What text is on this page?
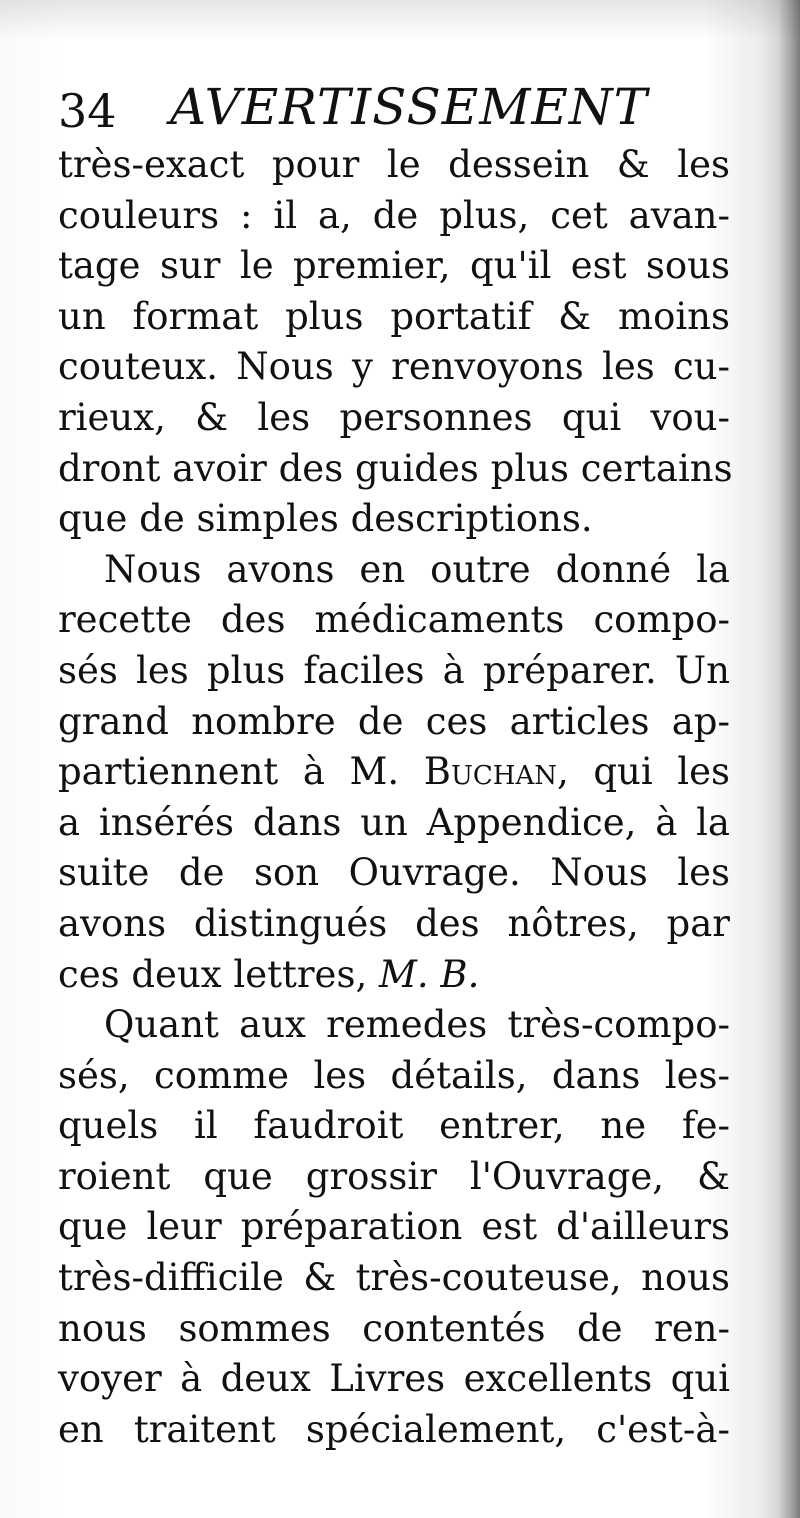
34 AVERTISSEMENT
très-exact pour le dessein & les
couleurs : il a, de plus, cet avan-
tage sur le premier, qu'il est sous
un format plus portatif & moins
couteux. Nous y renvoyons les cu-
rieux, & les personnes qui vou-
dront avoir des guides plus certains
que de simples descriptions.
Nous avons en outre donné la
recette des médicaments compo-
sés les plus faciles à préparer. Un
grand nombre de ces articles ap-
partiennent à M. Buchan, qui les
a insérés dans un Appendice, à la
suite de son Ouvrage. Nous les
avons distingués des nôtres, par
ces deux lettres, M. B.
Quant aux remedes très-compo-
sés, comme les détails, dans les-
quels il faudroit entrer, ne fe-
roient que grossir l'Ouvrage, &
que leur préparation est d'ailleurs
très-difficile & très-couteuse, nous
nous sommes contentés de ren-
voyer à deux Livres excellents qui
en traitent spécialement, c'est-à-
